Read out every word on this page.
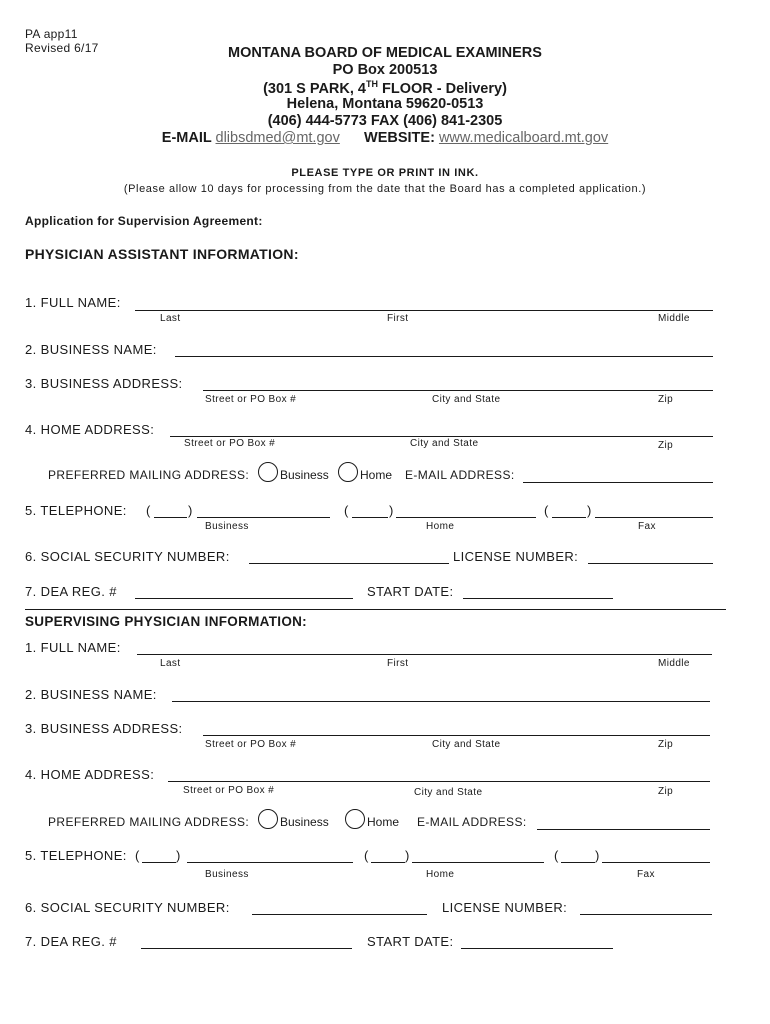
PA app11
Revised 6/17	MONTANA BOARD OF MEDICAL EXAMINERS
PO Box 200513
(301 S PARK, 4TH FLOOR - Delivery)
Helena, Montana 59620-0513
(406) 444-5773 FAX (406) 841-2305
E-MAIL dlibsdmed@mt.gov WEBSITE: www.medicalboard.mt.gov
PLEASE TYPE OR PRINT IN INK.
(Please allow 10 days for processing from the date that the Board has a completed application.)
Application for Supervision Agreement:
PHYSICIAN ASSISTANT INFORMATION:
1. FULL NAME:
Last	First	Middle
2. BUSINESS NAME:
3. BUSINESS ADDRESS:
Street or PO Box #	City and State	Zip
4. HOME ADDRESS:
Street or PO Box #	City and State	Zip
PREFERRED MAILING ADDRESS:	Business	Home E-MAIL ADDRESS:
5. TELEPHONE: (	)	(	)	(	)
Business	Home	Fax
6. SOCIAL SECURITY NUMBER:	LICENSE NUMBER:
7. DEA REG. #	START DATE:
SUPERVISING PHYSICIAN INFORMATION:
1. FULL NAME:
Last	First	Middle
2. BUSINESS NAME:
3. BUSINESS ADDRESS:
Street or PO Box #	City and State	Zip
4. HOME ADDRESS:
Street or PO Box #	City and State	Zip
PREFERRED MAILING ADDRESS:	Business	Home E-MAIL ADDRESS:
5. TELEPHONE: (	)	(	)	(	)
Business	Home	Fax
6. SOCIAL SECURITY NUMBER:	LICENSE NUMBER:
7. DEA REG. #	START DATE:
